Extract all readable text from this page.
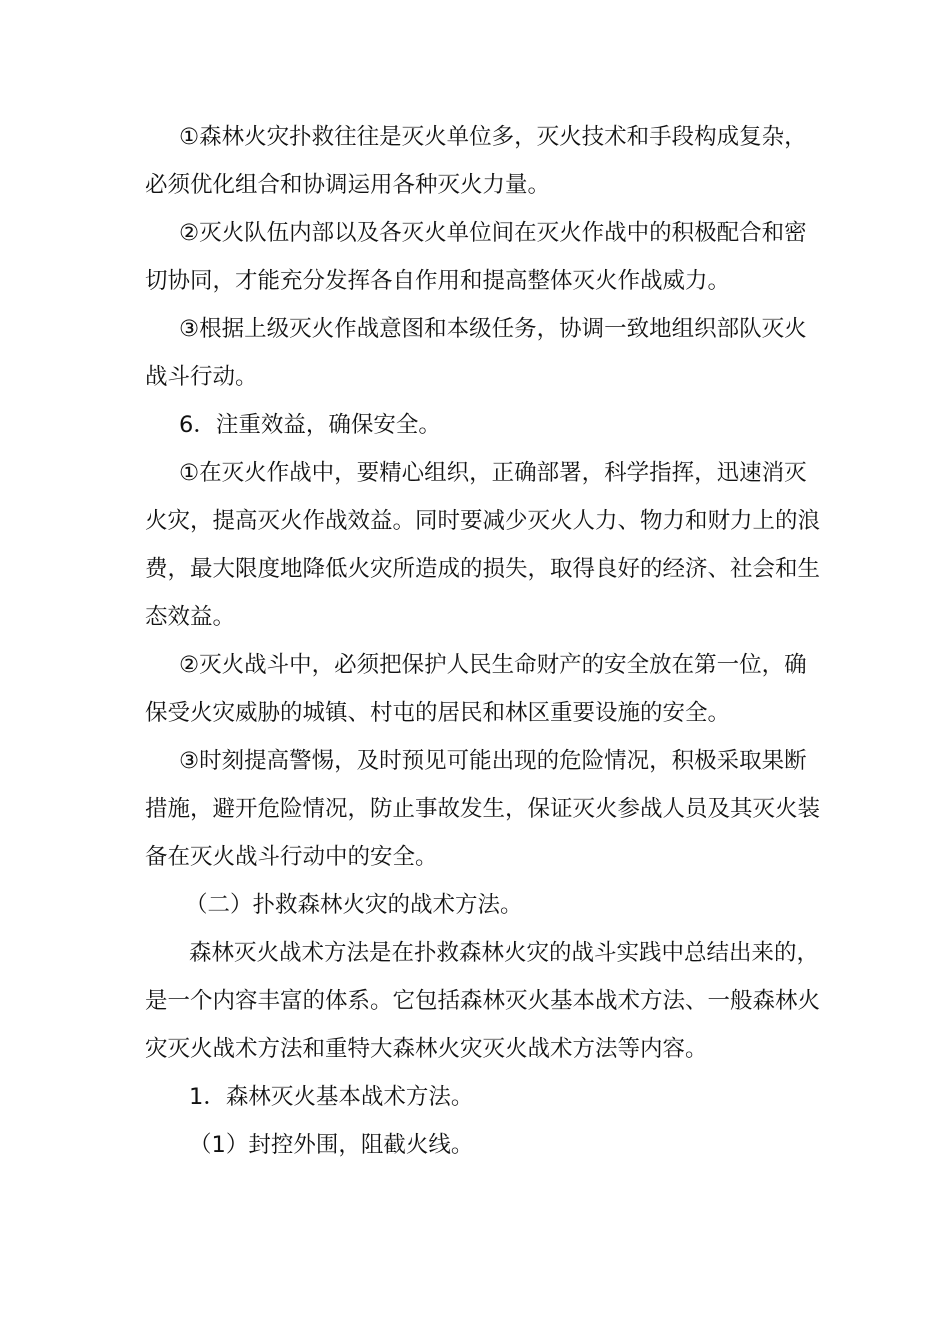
①森林火灾扑救往往是灭火单位多，灭火技术和手段构成复杂，
必须优化组合和协调运用各种灭火力量。

②灭火队伍内部以及各灭火单位间在灭火作战中的积极配合和密
切协同，才能充分发挥各自作用和提高整体灭火作战威力。

③根据上级灭火作战意图和本级任务，协调一致地组织部队灭火
战斗行动。

6．注重效益，确保安全。

①在灭火作战中，要精心组织，正确部署，科学指挥，迅速消灭
火灾，提高灭火作战效益。同时要减少灭火人力、物力和财力上的浪
费，最大限度地降低火灾所造成的损失，取得良好的经济、社会和生
态效益。

②灭火战斗中，必须把保护人民生命财产的安全放在第一位，确
保受火灾威胁的城镇、村屯的居民和林区重要设施的安全。

③时刻提高警惕，及时预见可能出现的危险情况，积极采取果断
措施，避开危险情况，防止事故发生，保证灭火参战人员及其灭火装
备在灭火战斗行动中的安全。

（二）扑救森林火灾的战术方法。

森林灭火战术方法是在扑救森林火灾的战斗实践中总结出来的，
是一个内容丰富的体系。它包括森林灭火基本战术方法、一般森林火
灾灭火战术方法和重特大森林火灾灭火战术方法等内容。

1．森林灭火基本战术方法。

（1）封控外围，阻截火线。
